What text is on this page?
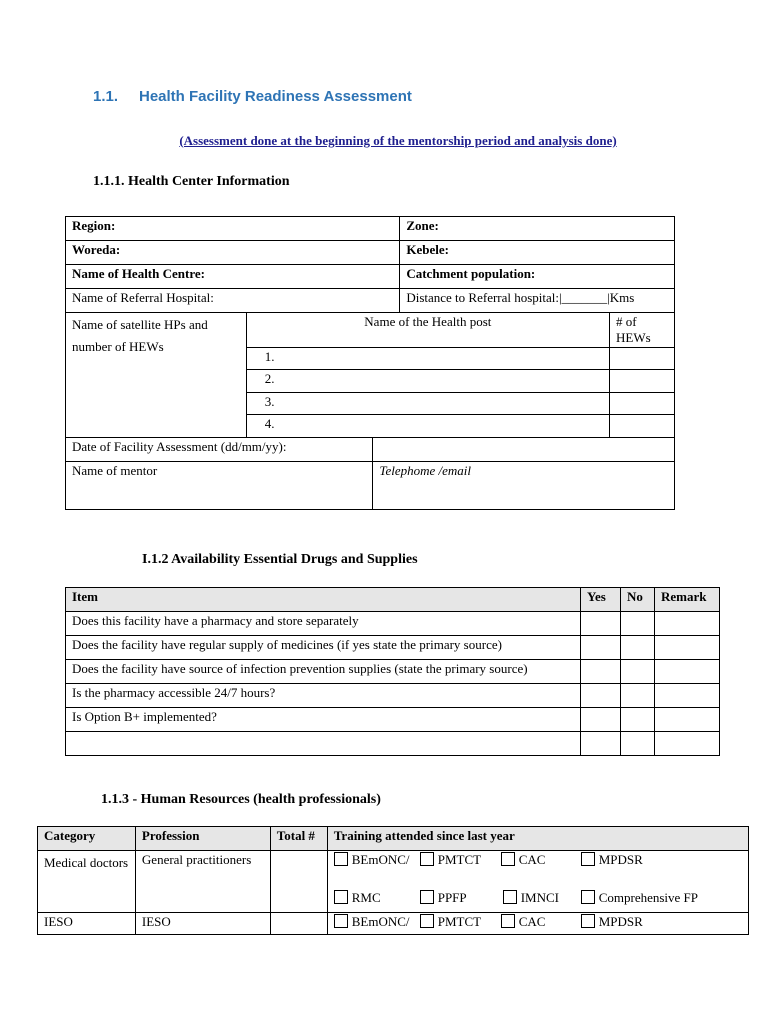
1.1. Health Facility Readiness Assessment
(Assessment done at the beginning of the mentorship period and analysis done)
1.1.1. Health Center Information
Region:			Zone:	
Woreda:			Kebele:	
Name of Health Centre:			Catchment population:	
Name of Referral Hospital:			Distance to Referral hospital:|_______|Kms	
Name of satellite HPs and number of HEWs	Name of the Health post			# of HEWs
	1.			
	2.			
	3.			
	4.			
Date of Facility Assessment (dd/mm/yy):				
Name of mentor		Telephome /email		
I.1.2 Availability Essential Drugs and Supplies
Item	Yes	No	Remark
Does this facility have a pharmacy and store separately			
Does the facility have regular supply of medicines (if yes state the primary source)			
Does the facility have source of infection prevention supplies (state the primary source)			
Is the pharmacy accessible 24/7 hours?			
Is Option B+ implemented?			

1.1.3 - Human Resources (health professionals)
Category	Profession	Total #	Training attended since last year
Medical doctors	General practitioners		BEmONC/ PMTCT CAC MPDSR
RMC PPFP IMNCI Comprehensive FP

IESO	IESO		BEmONC/ PMTCT CAC MPDSR
